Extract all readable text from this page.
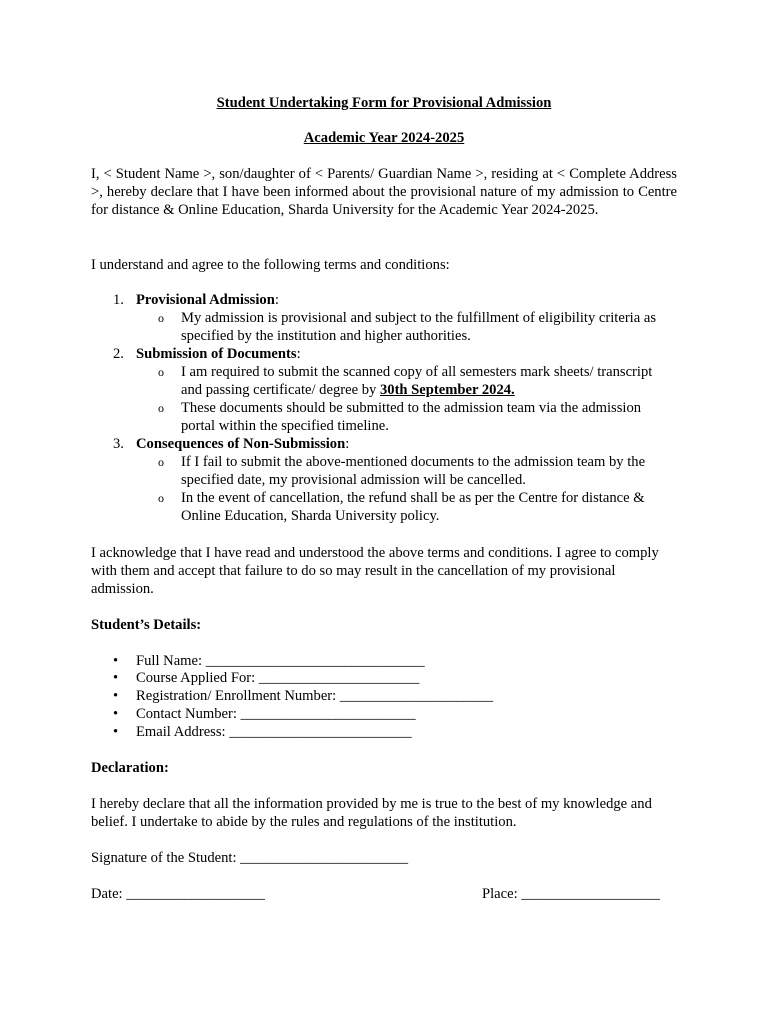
Student Undertaking Form for Provisional Admission
Academic Year 2024-2025

I, < Student Name >, son/daughter of < Parents/ Guardian Name >, residing at < Complete Address >, hereby declare that I have been informed about the provisional nature of my admission to Centre for distance & Online Education, Sharda University for the Academic Year 2024-2025.

I understand and agree to the following terms and conditions:

1. Provisional Admission:
o My admission is provisional and subject to the fulfillment of eligibility criteria as specified by the institution and higher authorities.
2. Submission of Documents:
o I am required to submit the scanned copy of all semesters mark sheets/ transcript and passing certificate/ degree by 30th September 2024.
o These documents should be submitted to the admission team via the admission portal within the specified timeline.
3. Consequences of Non-Submission:
o If I fail to submit the above-mentioned documents to the admission team by the specified date, my provisional admission will be cancelled.
o In the event of cancellation, the refund shall be as per the Centre for distance & Online Education, Sharda University policy.

I acknowledge that I have read and understood the above terms and conditions. I agree to comply with them and accept that failure to do so may result in the cancellation of my provisional admission.

Student’s Details:
• Full Name: ______________________________
• Course Applied For: ______________________
• Registration/ Enrollment Number: _____________________
• Contact Number: ________________________
• Email Address: _________________________
Declaration:

I hereby declare that all the information provided by me is true to the best of my knowledge and belief. I undertake to abide by the rules and regulations of the institution.

Signature of the Student: _______________________
Date: ___________________	Place: ___________________
